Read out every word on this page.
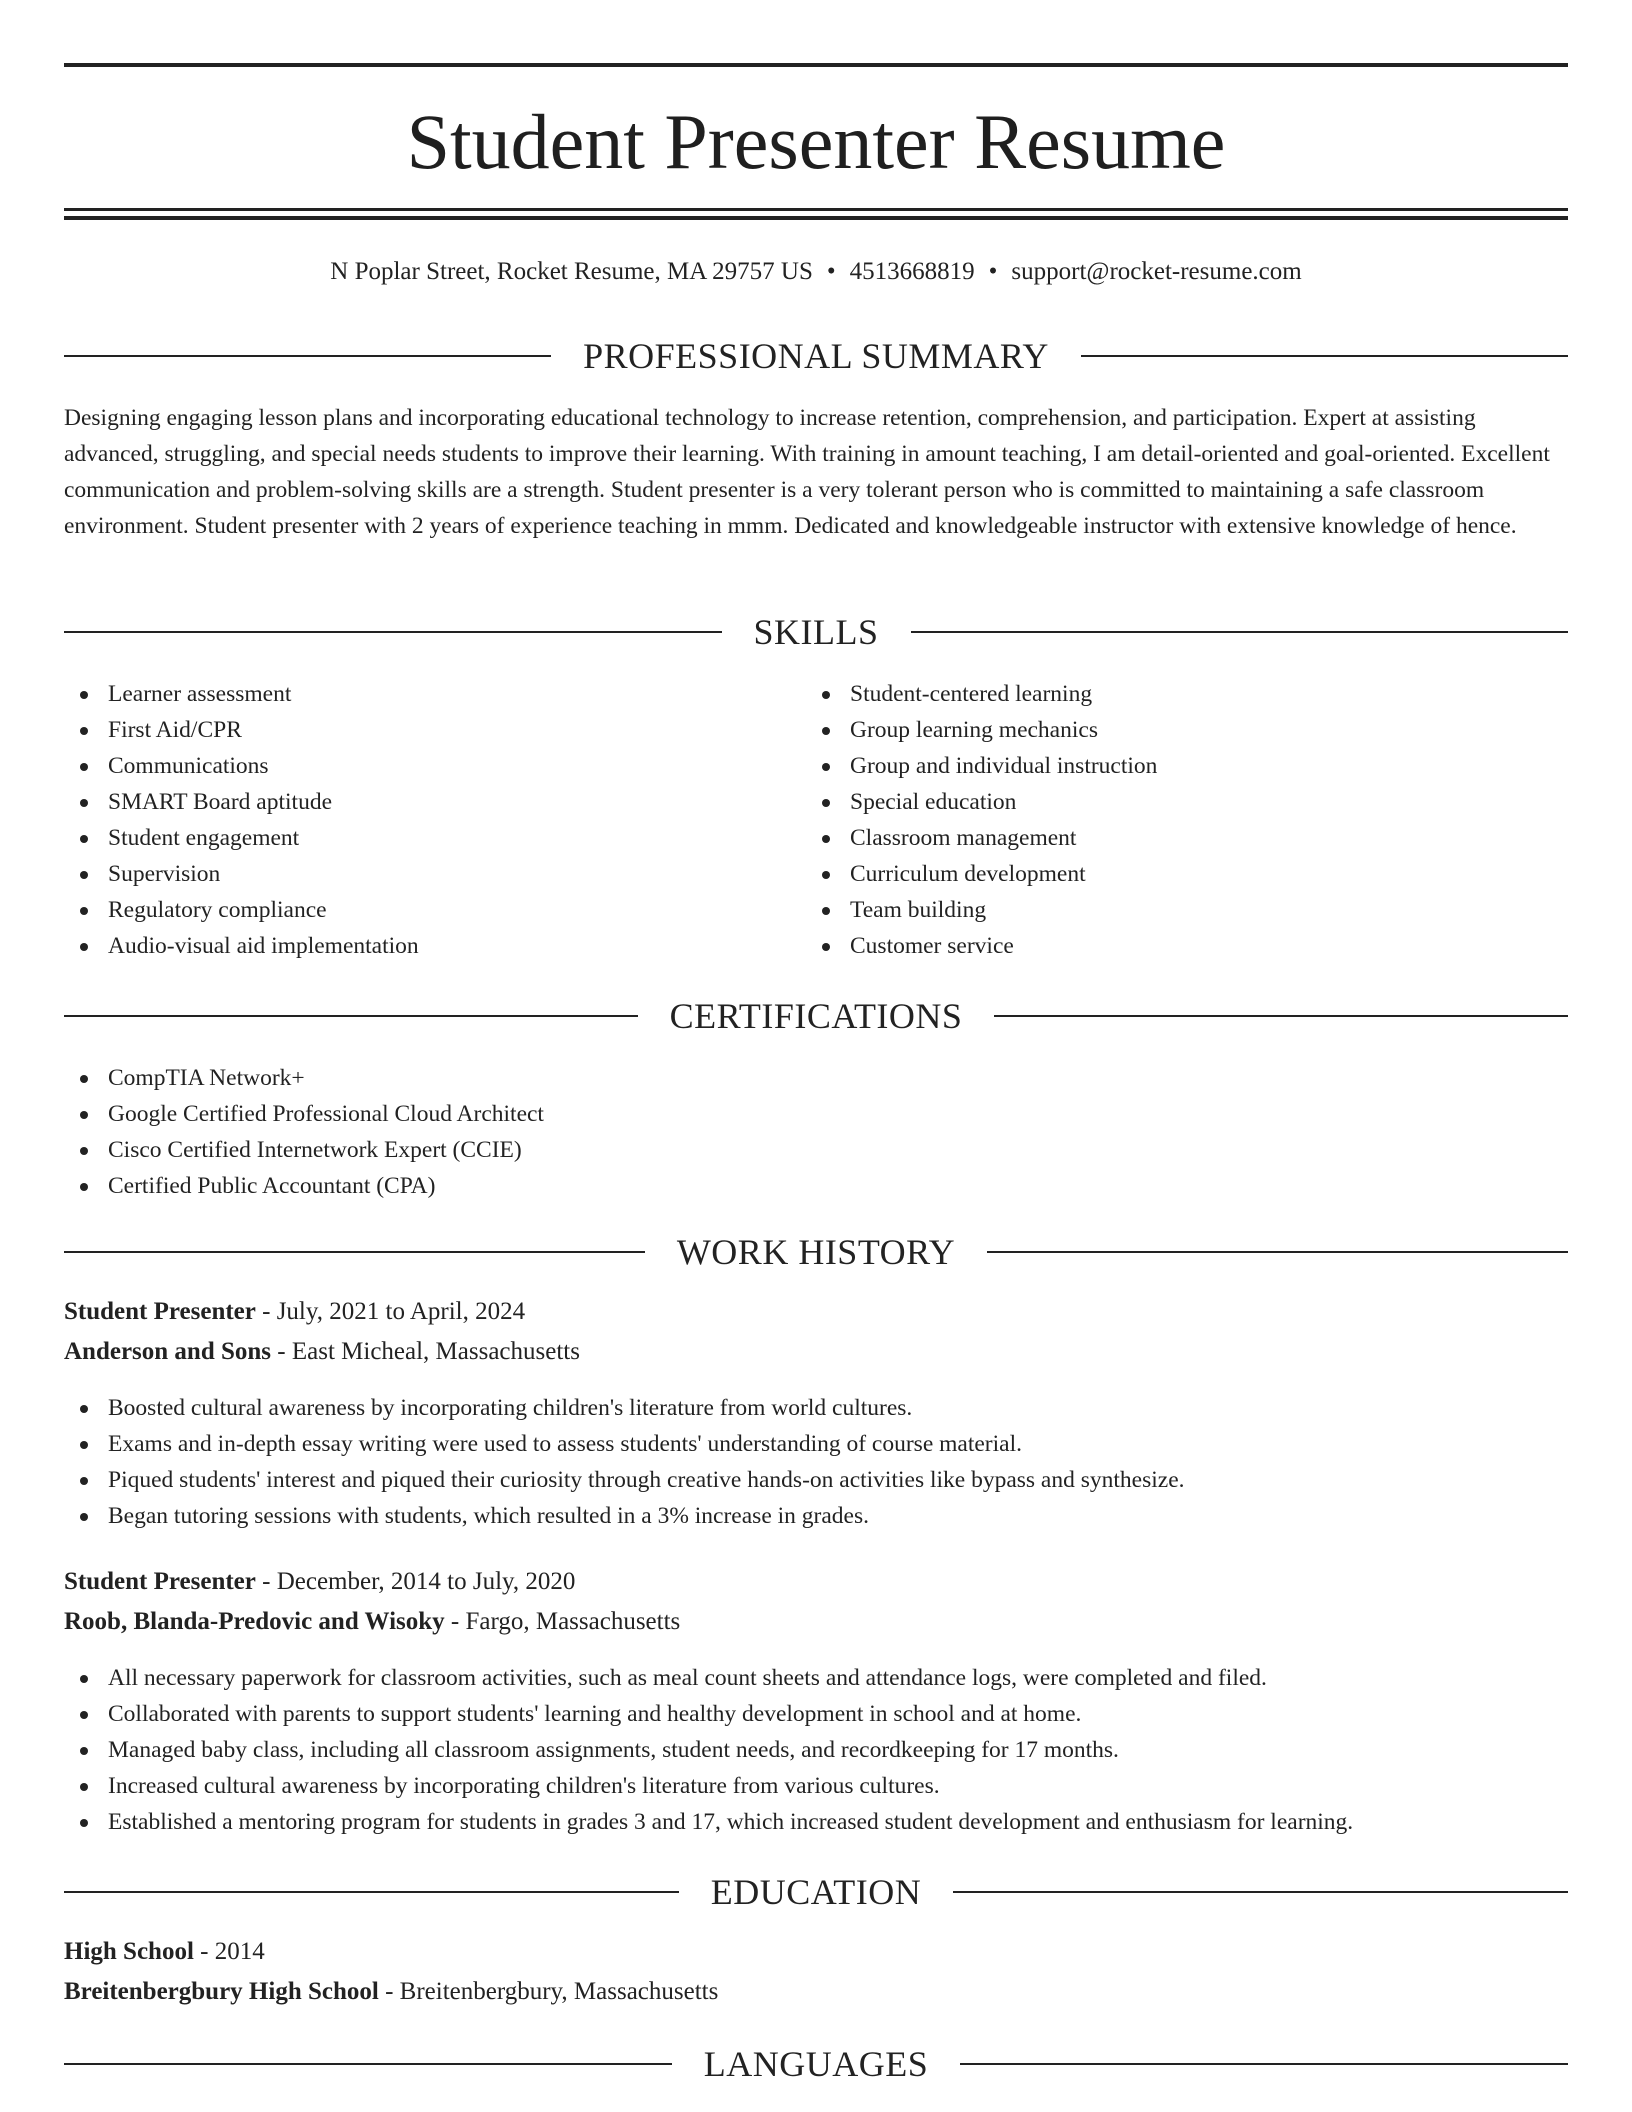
Student Presenter Resume
N Poplar Street, Rocket Resume, MA 29757 US • 4513668819 • support@rocket-resume.com
PROFESSIONAL SUMMARY

Designing engaging lesson plans and incorporating educational technology to increase retention, comprehension, and participation. Expert at assisting advanced, struggling, and special needs students to improve their learning. With training in amount teaching, I am detail-oriented and goal-oriented. Excellent communication and problem-solving skills are a strength. Student presenter is a very tolerant person who is committed to maintaining a safe classroom environment. Student presenter with 2 years of experience teaching in mmm. Dedicated and knowledgeable instructor with extensive knowledge of hence.

SKILLS
Learner assessment
First Aid/CPR
Communications
SMART Board aptitude
Student engagement
Supervision
Regulatory compliance
Audio-visual aid implementation
Student-centered learning
Group learning mechanics
Group and individual instruction
Special education
Classroom management
Curriculum development
Team building
Customer service
CERTIFICATIONS
CompTIA Network+
Google Certified Professional Cloud Architect
Cisco Certified Internetwork Expert (CCIE)
Certified Public Accountant (CPA)
WORK HISTORY
Student Presenter - July, 2021 to April, 2024
Anderson and Sons - East Micheal, Massachusetts
Boosted cultural awareness by incorporating children's literature from world cultures.
Exams and in-depth essay writing were used to assess students' understanding of course material.
Piqued students' interest and piqued their curiosity through creative hands-on activities like bypass and synthesize.
Began tutoring sessions with students, which resulted in a 3% increase in grades.
Student Presenter - December, 2014 to July, 2020
Roob, Blanda-Predovic and Wisoky - Fargo, Massachusetts
All necessary paperwork for classroom activities, such as meal count sheets and attendance logs, were completed and filed.
Collaborated with parents to support students' learning and healthy development in school and at home.
Managed baby class, including all classroom assignments, student needs, and recordkeeping for 17 months.
Increased cultural awareness by incorporating children's literature from various cultures.
Established a mentoring program for students in grades 3 and 17, which increased student development and enthusiasm for learning.
EDUCATION
High School - 2014
Breitenbergbury High School - Breitenbergbury, Massachusetts
LANGUAGES
